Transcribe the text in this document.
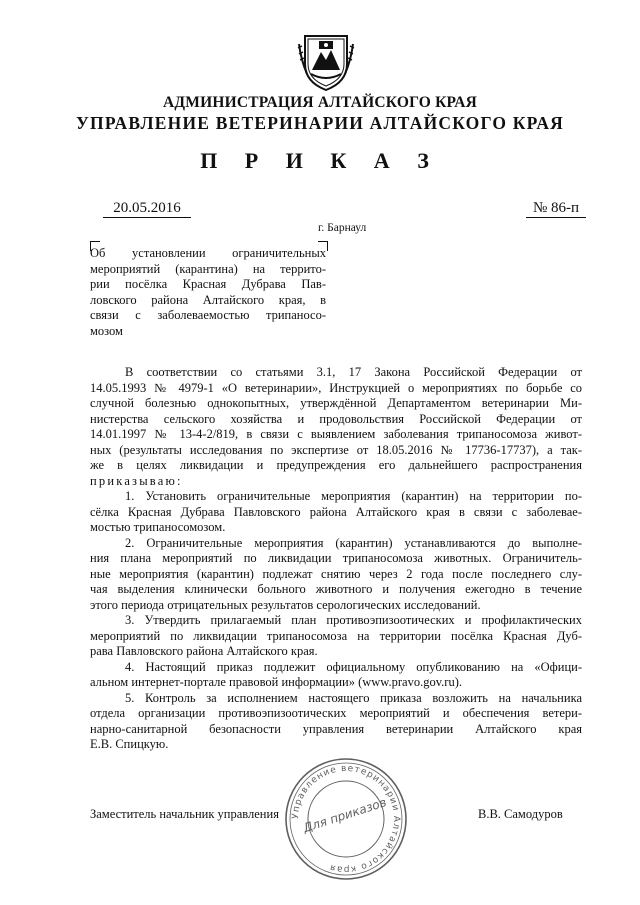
АДМИНИСТРАЦИЯ АЛТАЙСКОГО КРАЯ
УПРАВЛЕНИЕ ВЕТЕРИНАРИИ АЛТАЙСКОГО КРАЯ
П Р И К А З
20.05.2016	№ 86-п
г. Барнаул
Об установлении ограничительных
мероприятий (карантина) на террито-
рии посёлка Красная Дубрава Пав-
ловского района Алтайского края, в
связи с заболеваемостью трипаносо-
мозом
В соответствии со статьями 3.1, 17 Закона Российской Федерации от
14.05.1993 № 4979-1 «О ветеринарии», Инструкцией о мероприятиях по борьбе со
случной болезнью однокопытных, утверждённой Департаментом ветеринарии Ми-
нистерства сельского хозяйства и продовольствия Российской Федерации от
14.01.1997 № 13-4-2/819, в связи с выявлением заболевания трипаносомоза живот-
ных (результаты исследования по экспертизе от 18.05.2016 № 17736-17737), а так-
же в целях ликвидации и предупреждения его дальнейшего распространения
приказываю:
1. Установить ограничительные мероприятия (карантин) на территории по-
сёлка Красная Дубрава Павловского района Алтайского края в связи с заболевае-
мостью трипаносомозом.
2. Ограничительные мероприятия (карантин) устанавливаются до выполне-
ния плана мероприятий по ликвидации трипаносомоза животных. Ограничитель-
ные мероприятия (карантин) подлежат снятию через 2 года после последнего слу-
чая выделения клинически больного животного и получения ежегодно в течение
этого периода отрицательных результатов серологических исследований.
3. Утвердить прилагаемый план противоэпизоотических и профилактических
мероприятий по ликвидации трипаносомоза на территории посёлка Красная Дуб-
рава Павловского района Алтайского края.
4. Настоящий приказ подлежит официальному опубликованию на «Офици-
альном интернет-портале правовой информации» (www.pravo.gov.ru).
5. Контроль за исполнением настоящего приказа возложить на начальника
отдела организации противоэпизоотических мероприятий и обеспечения ветери-
нарно-санитарной безопасности управления ветеринарии Алтайского края
Е.В. Спицкую.
Управление ветеринарии Алтайского края
Для приказов
Заместитель начальник управления	В.В. Самодуров
